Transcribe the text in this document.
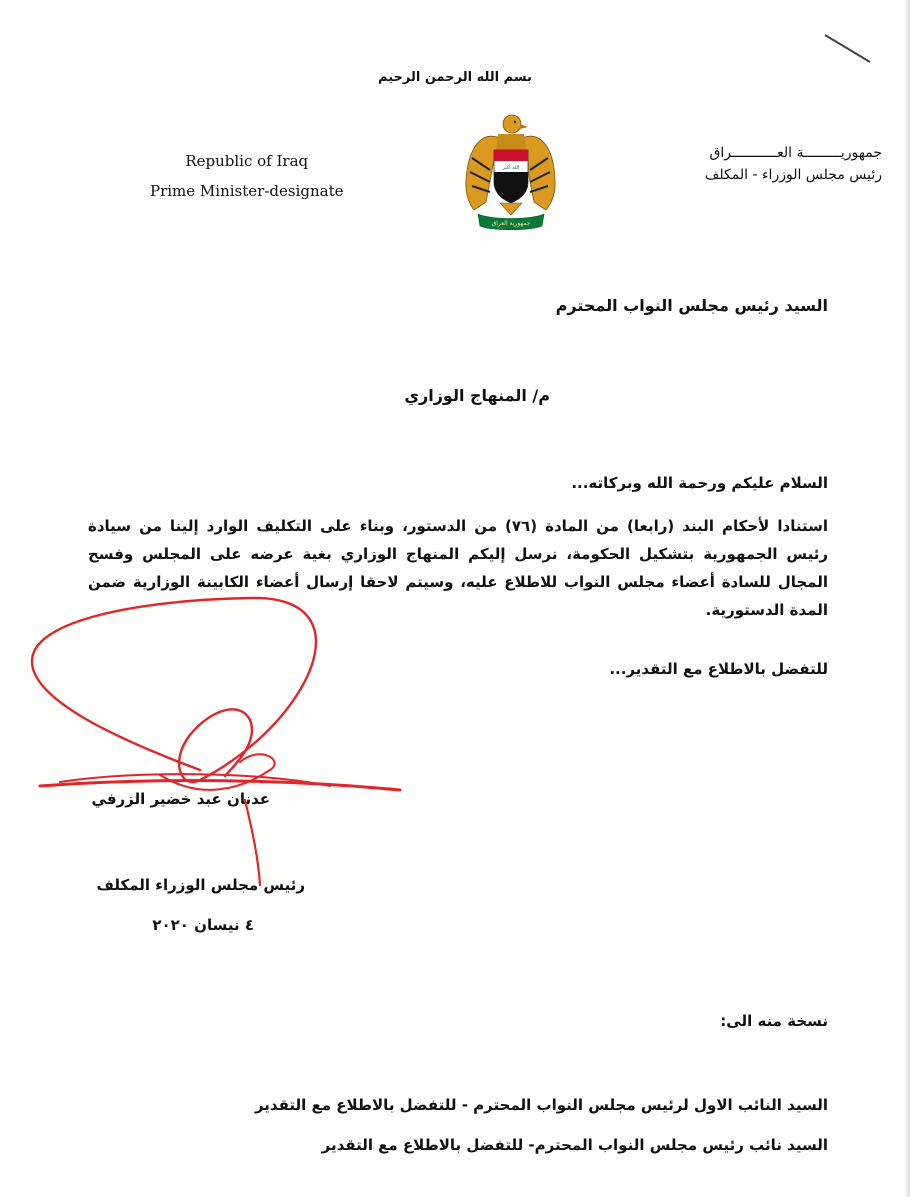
بسم الله الرحمن الرحيم
جمهوريـــــــــة العـــــــــــراق
رئيس مجلس الوزراء - المكلف
Republic of Iraq
Prime Minister-designate
الله أكبر
جمهورية العراق
السيد رئيس مجلس النواب المحترم
م/ المنهاج الوزاري
السلام عليكم ورحمة الله وبركاته...
استنادا لأحكام البند (رابعا) من المادة (٧٦) من الدستور، وبناء على التكليف الوارد إلينا من سيادة رئيس الجمهورية بتشكيل الحكومة، نرسل إليكم المنهاج الوزاري بغية عرضه على المجلس وفسح المجال للسادة أعضاء مجلس النواب للاطلاع عليه، وسيتم لاحقا إرسال أعضاء الكابينة الوزارية ضمن المدة الدستورية.
للتفضل بالاطلاع مع التقدير...
عدنان عبد خضير الزرفي
رئيس مجلس الوزراء المكلف
٤ نيسان ٢٠٢٠
نسخة منه الى:
السيد النائب الاول لرئيس مجلس النواب المحترم - للتفضل بالاطلاع مع التقدير
السيد نائب رئيس مجلس النواب المحترم- للتفضل بالاطلاع مع التقدير
